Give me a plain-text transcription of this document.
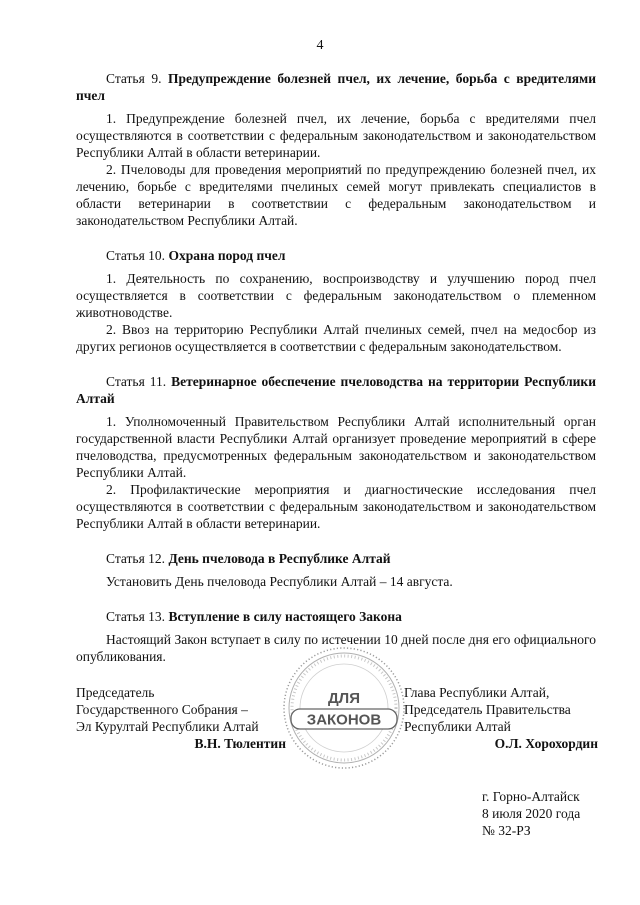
4

Статья 9. Предупреждение болезней пчел, их лечение, борьба с вредителями пчел

1. Предупреждение болезней пчел, их лечение, борьба с вредителями пчел осуществляются в соответствии с федеральным законодательством и законодательством Республики Алтай в области ветеринарии.

2. Пчеловоды для проведения мероприятий по предупреждению болезней пчел, их лечению, борьбе с вредителями пчелиных семей могут привлекать специалистов в области ветеринарии в соответствии с федеральным законодательством и законодательством Республики Алтай.

Статья 10. Охрана пород пчел

1. Деятельность по сохранению, воспроизводству и улучшению пород пчел осуществляется в соответствии с федеральным законодательством о племенном животноводстве.

2. Ввоз на территорию Республики Алтай пчелиных семей, пчел на медосбор из других регионов осуществляется в соответствии с федеральным законодательством.

Статья 11. Ветеринарное обеспечение пчеловодства на территории Республики Алтай

1. Уполномоченный Правительством Республики Алтай исполнительный орган государственной власти Республики Алтай организует проведение мероприятий в сфере пчеловодства, предусмотренных федеральным законодательством и законодательством Республики Алтай.

2. Профилактические мероприятия и диагностические исследования пчел осуществляются в соответствии с федеральным законодательством и законодательством Республики Алтай в области ветеринарии.

Статья 12. День пчеловода в Республике Алтай

Установить День пчеловода Республики Алтай – 14 августа.

Статья 13. Вступление в силу настоящего Закона

Настоящий Закон вступает в силу по истечении 10 дней после дня его официального опубликования.

ДЛЯ
ЗАКОНОВ
Председатель
Государственного Собрания –
Эл Курултай Республики Алтай
В.Н. Тюлентин
Глава Республики Алтай,
Председатель Правительства
Республики Алтай
О.Л. Хорохордин
г. Горно-Алтайск
8 июля 2020 года
№ 32-РЗ
